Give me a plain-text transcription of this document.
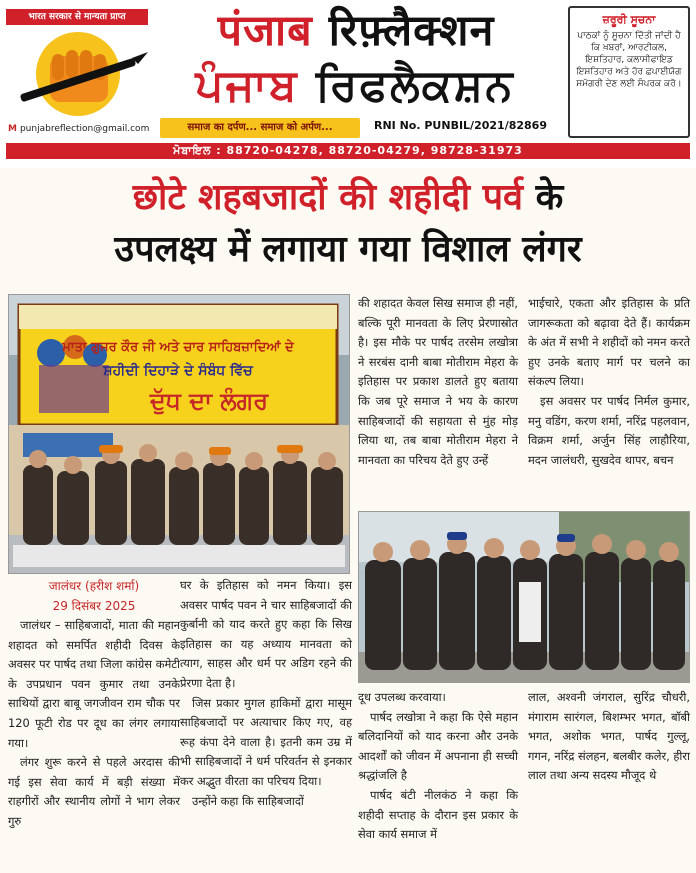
भारत सरकार से मान्यता प्राप्त
M punjabreflection@gmail.com
पंजाब रिफ़्लैक्शन
ਪੰਜਾਬ ਰਿਫਲੈਕਸ਼ਨ
समाज का दर्पण... समाज को अर्पण...	RNI No. PUNBIL/2021/82869
ਜ਼ਰੂਰੀ ਸੂਚਨਾ
ਪਾਠਕਾਂ ਨੂੰ ਸੂਚਨਾ ਦਿੱਤੀ ਜਾਂਦੀ ਹੈ ਕਿ ਖ਼ਬਰਾਂ, ਆਰਟੀਕਲ, ਇਸ਼ਤਿਹਾਰ, ਕਲਾਸੀਫਾਇਡ ਇਸ਼ਤਿਹਾਰ ਅਤੇ ਹੋਰ ਛਪਾਈਯੋਗ ਸਮੱਗਰੀ ਦੇਣ ਲਈ ਸੰਪਰਕ ਕਰੋ।
ਮੋਬਾਇਲ : 88720-04278, 88720-04279, 98728-31973
छोटे शहबजादों की शहीदी पर्व के
उपलक्ष्य में लगाया गया विशाल लंगर
ਮਾਤਾ ਗੁਜਰ ਕੌਰ ਜੀ ਅਤੇ ਚਾਰ ਸਾਹਿਬਜ਼ਾਦਿਆਂ ਦੇ
ਸ਼ਹੀਦੀ ਦਿਹਾੜੇ ਦੇ ਸੰਬੰਧ ਵਿੱਚ
ਦੁੱਧ ਦਾ ਲੰਗਰ
जालंधर (हरीश शर्मा)
29 दिसंबर 2025

जालंधर – साहिबजादों, माता की महान शहादत को समर्पित शहीदी दिवस के अवसर पर पार्षद तथा जिला कांग्रेस कमेटी के उपप्रधान पवन कुमार तथा उनके साथियों द्वारा बाबू जगजीवन राम चौक पर 120 फूटी रोड पर दूध का लंगर लगाया गया।

लंगर शुरू करने से पहले अरदास की गई इस सेवा कार्य में बड़ी संख्या में राहगीरों और स्थानीय लोगों ने भाग लेकर गुरु

घर के इतिहास को नमन किया। इस अवसर पार्षद पवन ने चार साहिबजादों की कुर्बानी को याद करते हुए कहा कि सिख इतिहास का यह अध्याय मानवता को त्याग, साहस और धर्म पर अडिग रहने की प्रेरणा देता है।

जिस प्रकार मुगल हाकिमों द्वारा मासूम साहिबजादों पर अत्याचार किए गए, वह रूह कंपा देने वाला है। इतनी कम उम्र में भी साहिबजादों ने धर्म परिवर्तन से इनकार कर अद्भुत वीरता का परिचय दिया।

उन्होंने कहा कि साहिबजादों

की शहादत केवल सिख समाज ही नहीं, बल्कि पूरी मानवता के लिए प्रेरणास्रोत है। इस मौके पर पार्षद तरसेम लखोत्रा ने सरबंस दानी बाबा मोतीराम मेहरा के इतिहास पर प्रकाश डालते हुए बताया कि जब पूरे समाज ने भय के कारण साहिबजादों की सहायता से मुंह मोड़ लिया था, तब बाबा मोतीराम मेहरा ने मानवता का परिचय देते हुए उन्हें

भाईचारे, एकता और इतिहास के प्रति जागरूकता को बढ़ावा देते हैं। कार्यक्रम के अंत में सभी ने शहीदों को नमन करते हुए उनके बताए मार्ग पर चलने का संकल्प लिया।

इस अवसर पर पार्षद निर्मल कुमार, मनु वडिंग, करण शर्मा, नरिंद्र पहलवान, विक्रम शर्मा, अर्जुन सिंह लाहौरिया, मदन जालंधरी, सुखदेव थापर, बचन

दूध उपलब्ध करवाया।

पार्षद लखोत्रा ने कहा कि ऐसे महान बलिदानियों को याद करना और उनके आदर्शों को जीवन में अपनाना ही सच्ची श्रद्धांजलि है

पार्षद बंटी नीलकंठ ने कहा कि शहीदी सप्ताह के दौरान इस प्रकार के सेवा कार्य समाज में

लाल, अश्वनी जंगराल, सुरिंद्र चौधरी, मंगाराम सारंगल, बिशम्भर भगत, बॉबी भगत, अशोक भगत, पार्षद गुल्लू, गगन, नरिंद्र संलहन, बलबीर कलेर, हीरा लाल तथा अन्य सदस्य मौजूद थे
